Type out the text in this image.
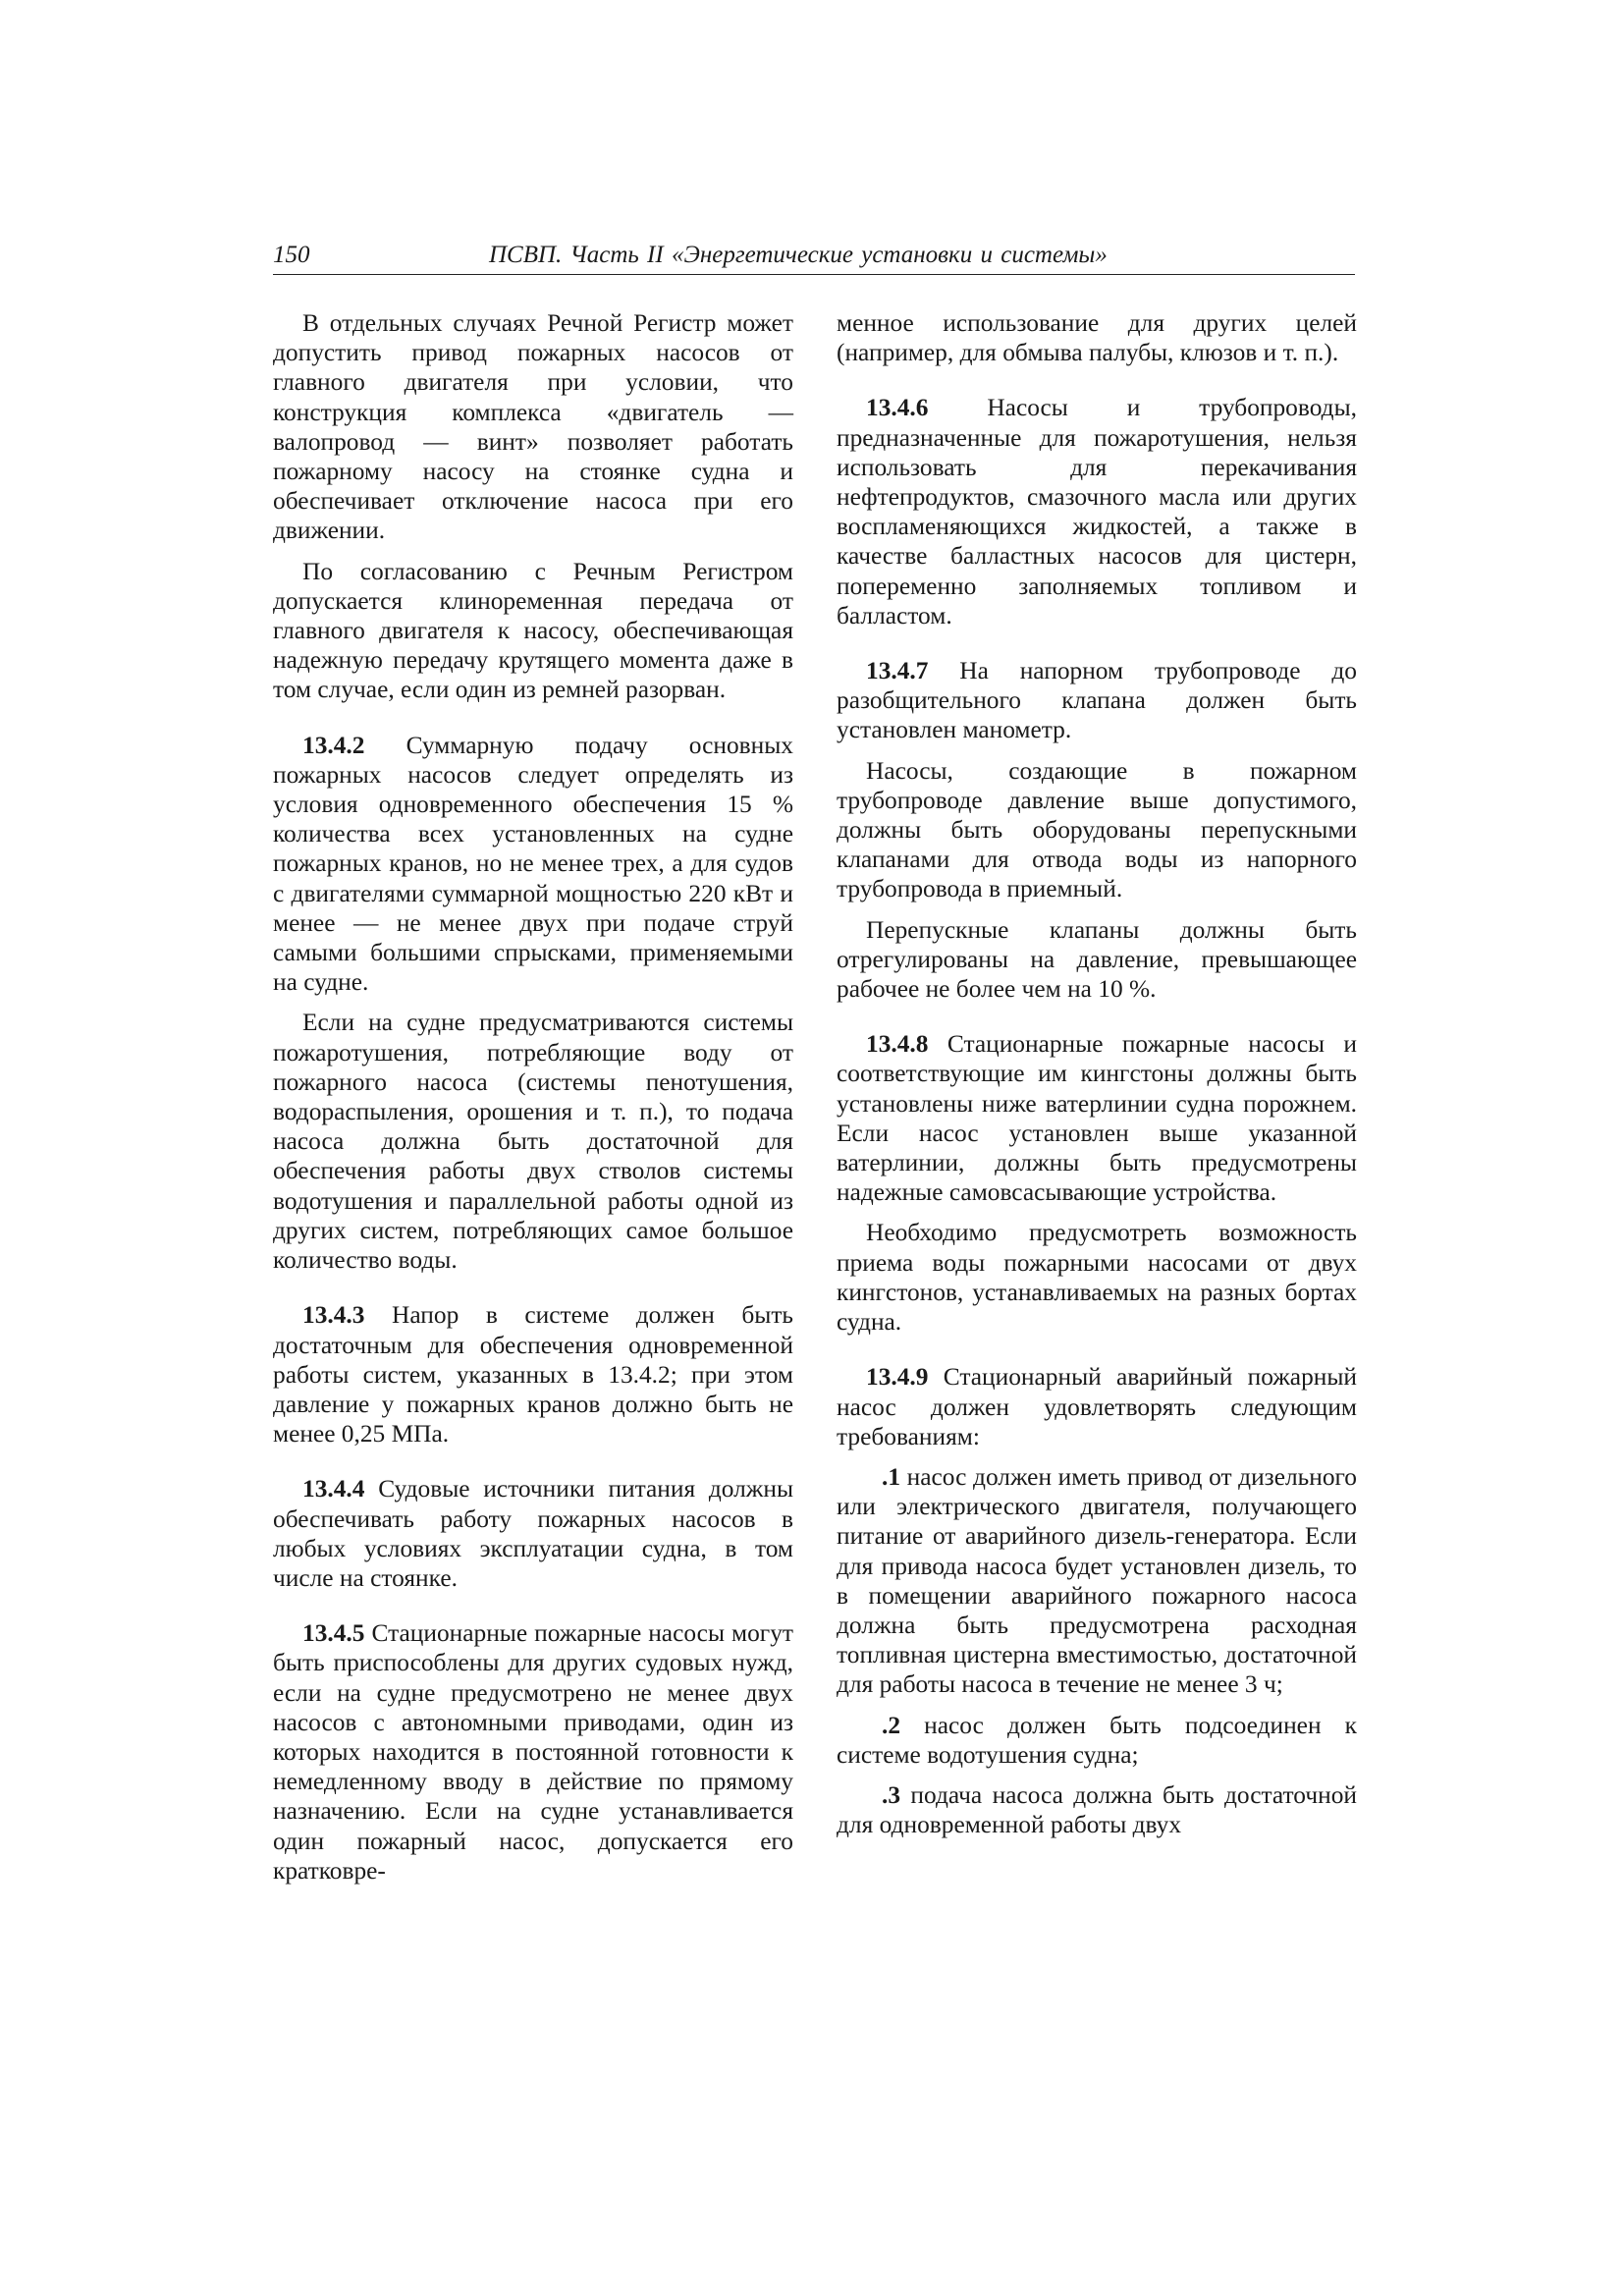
150	ПСВП. Часть II «Энергетические установки и системы»

В отдельных случаях Речной Регистр может допустить привод пожарных насосов от главного двигателя при условии, что конструкция комплекса «двигатель — валопровод — винт» позволяет работать пожарному насосу на стоянке судна и обеспечивает отключение насоса при его движении.

По согласованию с Речным Регистром допускается клиноременная передача от главного двигателя к насосу, обеспечивающая надежную передачу крутящего момента даже в том случае, если один из ремней разорван.

13.4.2 Суммарную подачу основных пожарных насосов следует определять из условия одновременного обеспечения 15 % количества всех установленных на судне пожарных кранов, но не менее трех, а для судов с двигателями суммарной мощностью 220 кВт и менее — не менее двух при подаче струй самыми большими спрысками, применяемыми на судне.

Если на судне предусматриваются системы пожаротушения, потребляющие воду от пожарного насоса (системы пенотушения, водораспыления, орошения и т. п.), то подача насоса должна быть достаточной для обеспечения работы двух стволов системы водотушения и параллельной работы одной из других систем, потребляющих самое большое количество воды.

13.4.3 Напор в системе должен быть достаточным для обеспечения одновременной работы систем, указанных в 13.4.2; при этом давление у пожарных кранов должно быть не менее 0,25 МПа.

13.4.4 Судовые источники питания должны обеспечивать работу пожарных насосов в любых условиях эксплуатации судна, в том числе на стоянке.

13.4.5 Стационарные пожарные насосы могут быть приспособлены для других судовых нужд, если на судне предусмотрено не менее двух насосов с автономными приводами, один из которых находится в постоянной готовности к немедленному вводу в действие по прямому назначению. Если на судне устанавливается один пожарный насос, допускается его кратковре-

менное использование для других целей (например, для обмыва палубы, клюзов и т. п.).

13.4.6 Насосы и трубопроводы, предназначенные для пожаротушения, нельзя использовать для перекачивания нефтепродуктов, смазочного масла или других воспламеняющихся жидкостей, а также в качестве балластных насосов для цистерн, попеременно заполняемых топливом и балластом.

13.4.7 На напорном трубопроводе до разобщительного клапана должен быть установлен манометр.

Насосы, создающие в пожарном трубопроводе давление выше допустимого, должны быть оборудованы перепускными клапанами для отвода воды из напорного трубопровода в приемный.

Перепускные клапаны должны быть отрегулированы на давление, превышающее рабочее не более чем на 10 %.

13.4.8 Стационарные пожарные насосы и соответствующие им кингстоны должны быть установлены ниже ватерлинии судна порожнем. Если насос установлен выше указанной ватерлинии, должны быть предусмотрены надежные самовсасывающие устройства.

Необходимо предусмотреть возможность приема воды пожарными насосами от двух кингстонов, устанавливаемых на разных бортах судна.

13.4.9 Стационарный аварийный пожарный насос должен удовлетворять следующим требованиям:

.1 насос должен иметь привод от дизельного или электрического двигателя, получающего питание от аварийного дизель-генератора. Если для привода насоса будет установлен дизель, то в помещении аварийного пожарного насоса должна быть предусмотрена расходная топливная цистерна вместимостью, достаточной для работы насоса в течение не менее 3 ч;

.2 насос должен быть подсоединен к системе водотушения судна;

.3 подача насоса должна быть достаточной для одновременной работы двух
